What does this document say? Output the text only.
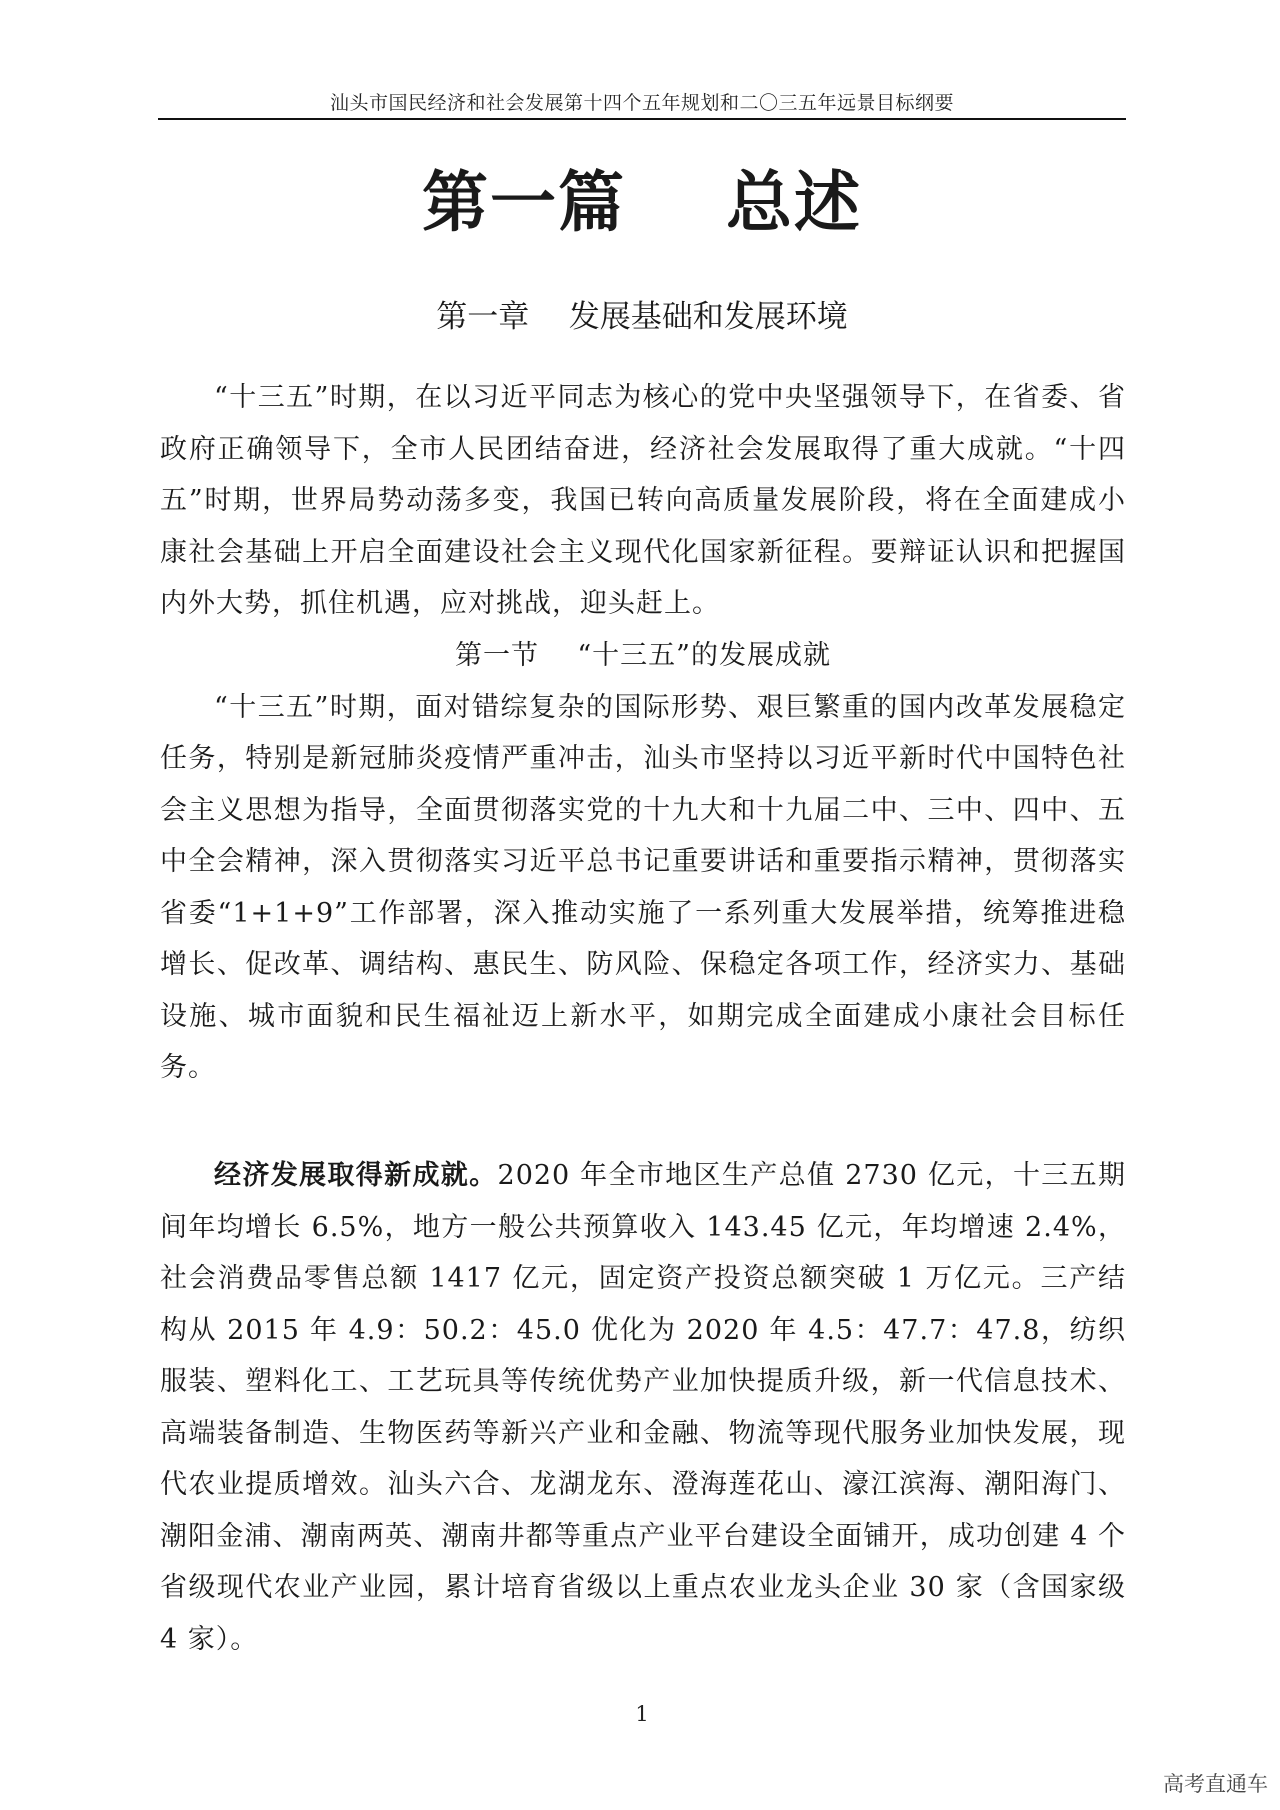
汕头市国民经济和社会发展第十四个五年规划和二〇三五年远景目标纲要
第一篇    总述
第一章    发展基础和发展环境

“十三五”时期，在以习近平同志为核心的党中央坚强领导下，在省委、省政府正确领导下，全市人民团结奋进，经济社会发展取得了重大成就。“十四五”时期，世界局势动荡多变，我国已转向高质量发展阶段，将在全面建成小康社会基础上开启全面建设社会主义现代化国家新征程。要辩证认识和把握国内外大势，抓住机遇，应对挑战，迎头赶上。

第一节    “十三五”的发展成就

“十三五”时期，面对错综复杂的国际形势、艰巨繁重的国内改革发展稳定任务，特别是新冠肺炎疫情严重冲击，汕头市坚持以习近平新时代中国特色社会主义思想为指导，全面贯彻落实党的十九大和十九届二中、三中、四中、五中全会精神，深入贯彻落实习近平总书记重要讲话和重要指示精神，贯彻落实省委“1+1+9”工作部署，深入推动实施了一系列重大发展举措，统筹推进稳增长、促改革、调结构、惠民生、防风险、保稳定各项工作，经济实力、基础设施、城市面貌和民生福祉迈上新水平，如期完成全面建成小康社会目标任务。

经济发展取得新成就。2020 年全市地区生产总值 2730 亿元，十三五期间年均增长 6.5%，地方一般公共预算收入 143.45 亿元，年均增速 2.4%，社会消费品零售总额 1417 亿元，固定资产投资总额突破 1 万亿元。三产结构从 2015 年 4.9：50.2：45.0 优化为 2020 年 4.5：47.7：47.8，纺织服装、塑料化工、工艺玩具等传统优势产业加快提质升级，新一代信息技术、高端装备制造、生物医药等新兴产业和金融、物流等现代服务业加快发展，现代农业提质增效。汕头六合、龙湖龙东、澄海莲花山、濠江滨海、潮阳海门、潮阳金浦、潮南两英、潮南井都等重点产业平台建设全面铺开，成功创建 4 个省级现代农业产业园，累计培育省级以上重点农业龙头企业 30 家（含国家级 4 家）。

1
高考直通车
